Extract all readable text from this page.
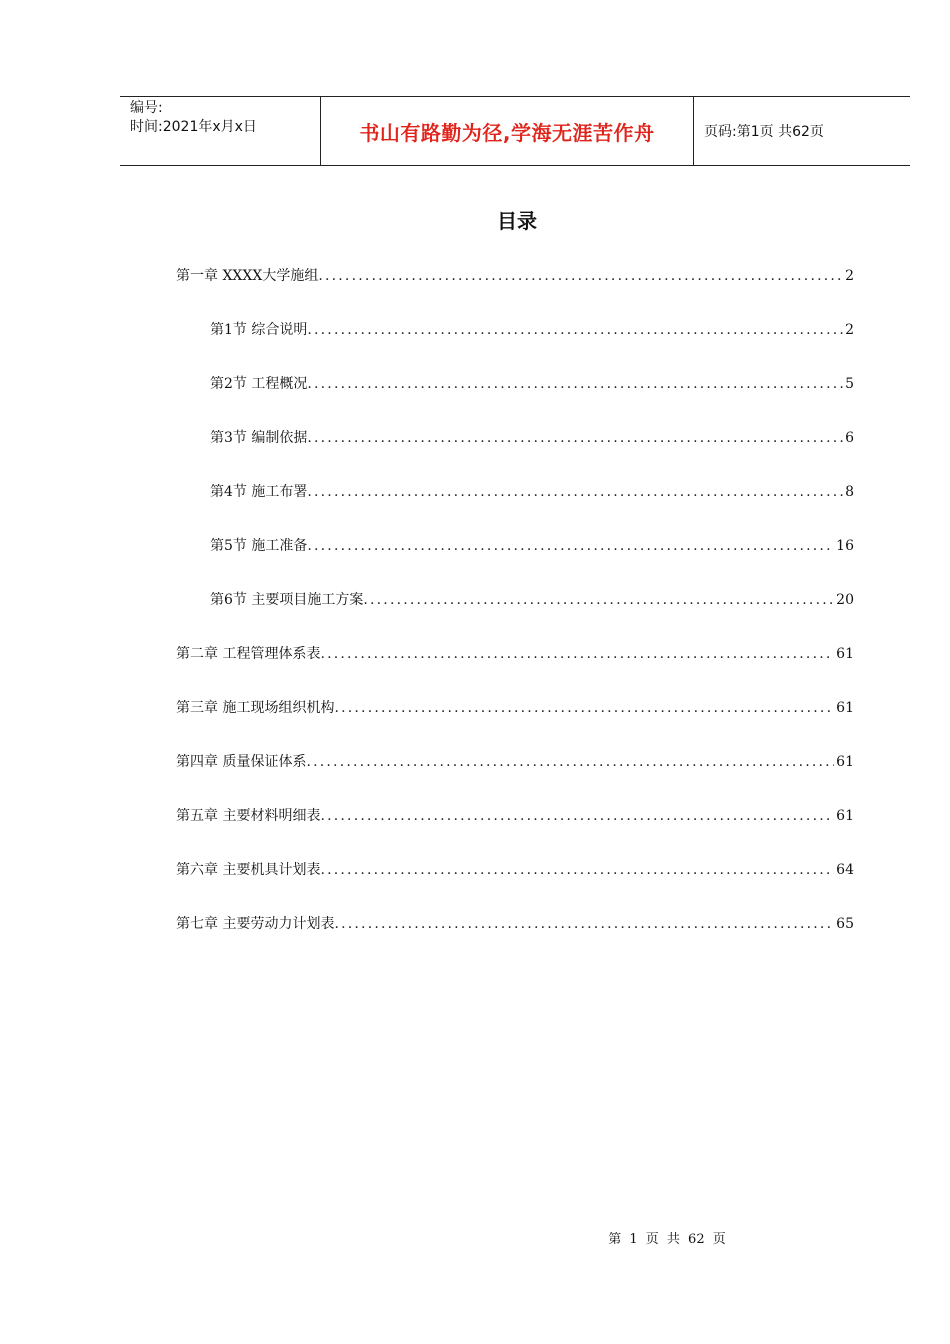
编号:
时间:2021年x月x日	书山有路勤为径,学海无涯苦作舟	页码:第1页 共62页
目录
第一章 XXXX大学施组 .....	2
第1节 综合说明 .....	2
第2节 工程概况 .....	5
第3节 编制依据 .....	6
第4节 施工布署 .....	8
第5节 施工准备 .....	16
第6节 主要项目施工方案 .....	20
第二章 工程管理体系表 .....	61
第三章 施工现场组织机构 .....	61
第四章 质量保证体系 .....	61
第五章 主要材料明细表 .....	61
第六章 主要机具计划表 .....	64
第七章 主要劳动力计划表 .....	65
第 1 页 共 62 页
